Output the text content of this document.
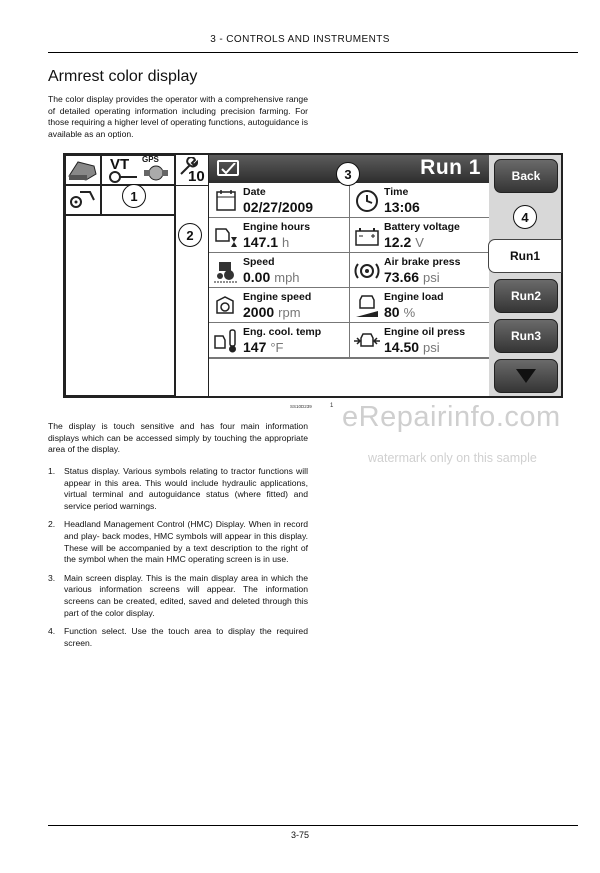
3 - CONTROLS AND INSTRUMENTS
Armrest color display

The color display provides the operator with a comprehensive range of detailed operating information including precision farming. For those requiring a higher level of operating functions, autoguidance is available as an option.

VT GPS
10	Run 1
Date
02/27/2009
Time
13:06
Engine hours
147.1 h
Battery voltage
12.2 V
Speed
0.00 mph
Air brake press
73.66 psi
Engine speed
2000 rpm
Engine load
80 %
Eng. cool. temp
147 °F
Engine oil press
14.50 psi
Back
Run1
Run2
Run3
1
2
3
4
SS10D239	1 eRepairinfo.com
watermark only on this sample

The display is touch sensitive and has four main information displays which can be accessed simply by touching the appropriate area of the display.

1. Status display. Various symbols relating to tractor functions will appear in this area. This would include hydraulic applications, virtual terminal and autoguidance status (where fitted) and service period warnings.
2. Headland Management Control (HMC) Display. When in record and play- back modes, HMC symbols will appear in this display. These will be accompanied by a text description to the right of the symbol when the main HMC operating screen is in use.
3. Main screen display. This is the main display area in which the various information screens will appear. The information screens can be created, edited, saved and deleted through this part of the color display.
4. Function select. Use the touch area to display the required screen.
3-75
